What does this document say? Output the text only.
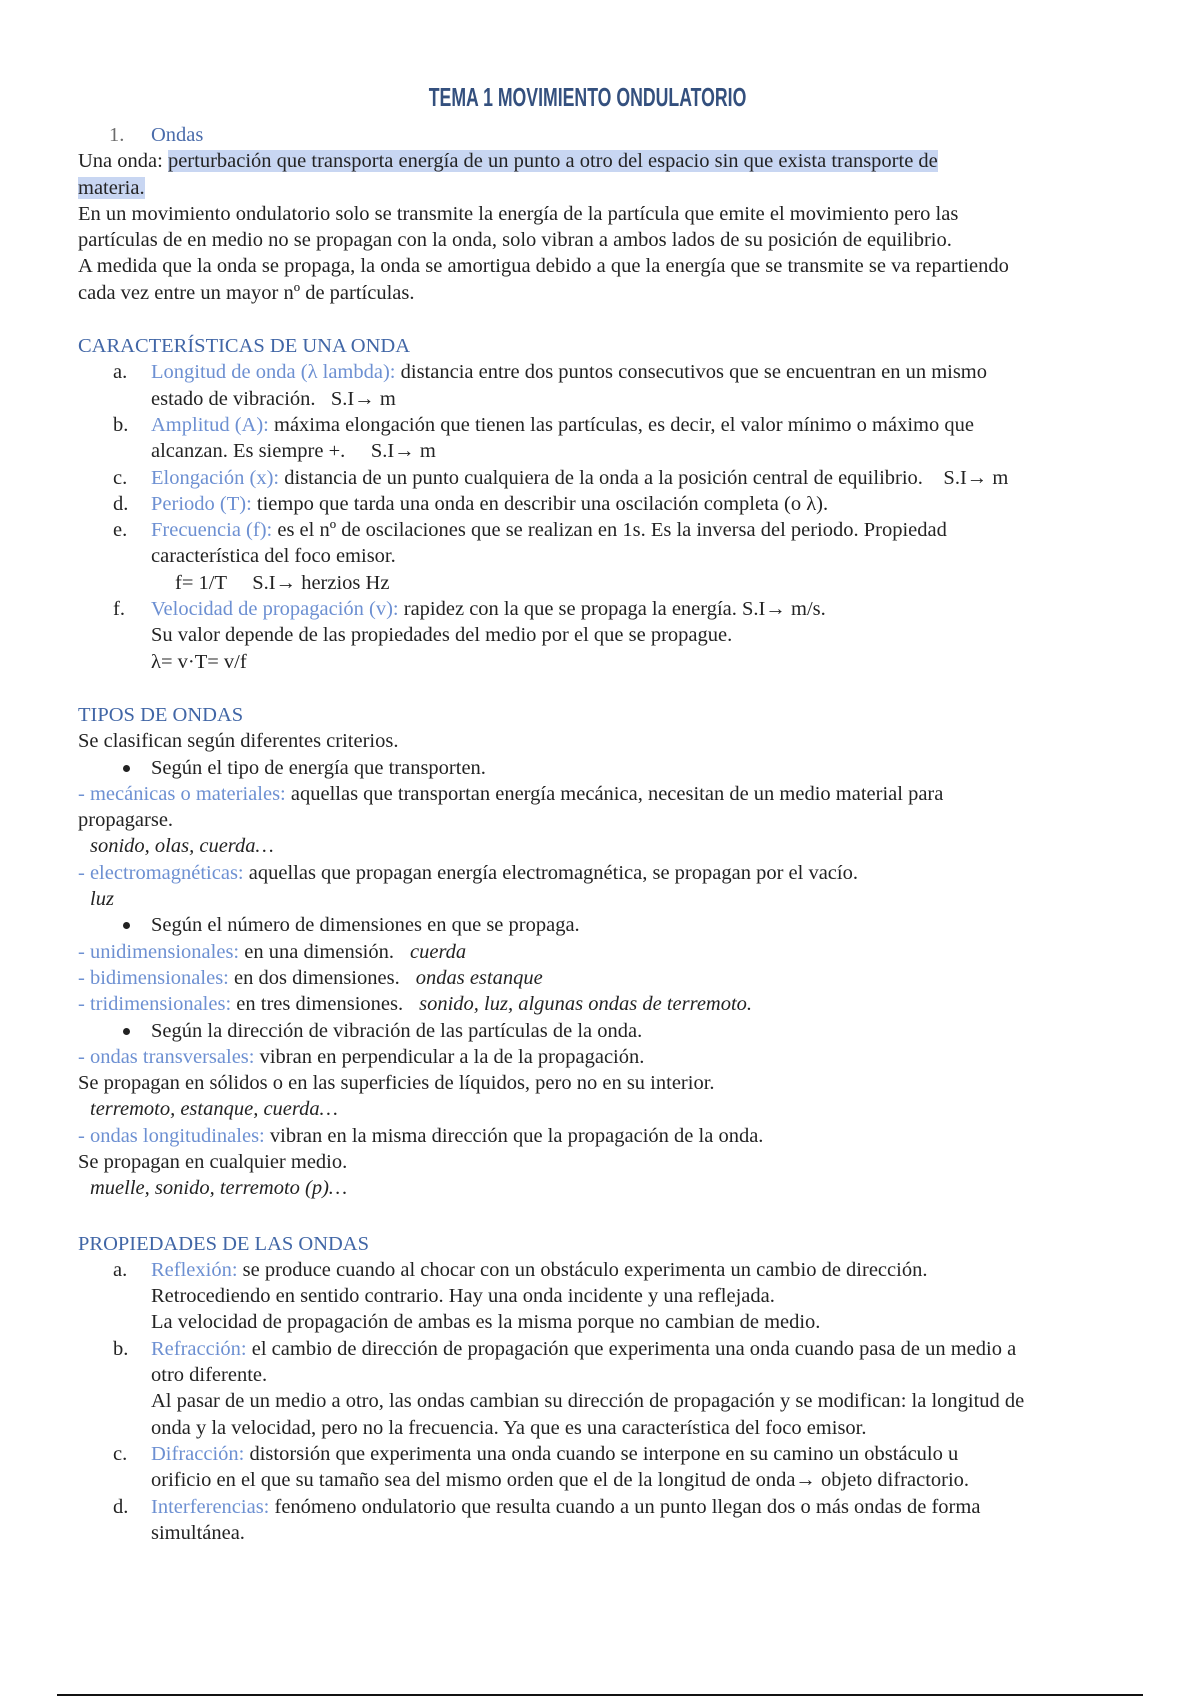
TEMA 1 MOVIMIENTO ONDULATORIO
1. Ondas
Una onda: perturbación que transporta energía de un punto a otro del espacio sin que exista transporte de
materia.
En un movimiento ondulatorio solo se transmite la energía de la partícula que emite el movimiento pero las
partículas de en medio no se propagan con la onda, solo vibran a ambos lados de su posición de equilibrio.
A medida que la onda se propaga, la onda se amortigua debido a que la energía que se transmite se va repartiendo
cada vez entre un mayor nº de partículas.
CARACTERÍSTICAS DE UNA ONDA
a. Longitud de onda (λ lambda): distancia entre dos puntos consecutivos que se encuentran en un mismo
estado de vibración.   S.I→ m
b. Amplitud (A): máxima elongación que tienen las partículas, es decir, el valor mínimo o máximo que
alcanzan. Es siempre +.     S.I→ m
c. Elongación (x): distancia de un punto cualquiera de la onda a la posición central de equilibrio.    S.I→ m
d. Periodo (T): tiempo que tarda una onda en describir una oscilación completa (o λ).
e. Frecuencia (f): es el nº de oscilaciones que se realizan en 1s. Es la inversa del periodo. Propiedad
característica del foco emisor.
f= 1/T     S.I→ herzios Hz
f. Velocidad de propagación (v): rapidez con la que se propaga la energía. S.I→ m/s.
Su valor depende de las propiedades del medio por el que se propague.
λ= v·T= v/f
TIPOS DE ONDAS
Se clasifican según diferentes criterios.
Según el tipo de energía que transporten.
- mecánicas o materiales: aquellas que transportan energía mecánica, necesitan de un medio material para
propagarse.
sonido, olas, cuerda…
- electromagnéticas: aquellas que propagan energía electromagnética, se propagan por el vacío.
luz
Según el número de dimensiones en que se propaga.
- unidimensionales: en una dimensión. cuerda
- bidimensionales: en dos dimensiones. ondas estanque
- tridimensionales: en tres dimensiones. sonido, luz, algunas ondas de terremoto.
Según la dirección de vibración de las partículas de la onda.
- ondas transversales: vibran en perpendicular a la de la propagación.
Se propagan en sólidos o en las superficies de líquidos, pero no en su interior.
terremoto, estanque, cuerda…
- ondas longitudinales: vibran en la misma dirección que la propagación de la onda.
Se propagan en cualquier medio.
muelle, sonido, terremoto (p)…
PROPIEDADES DE LAS ONDAS
a. Reflexión: se produce cuando al chocar con un obstáculo experimenta un cambio de dirección.
Retrocediendo en sentido contrario. Hay una onda incidente y una reflejada.
La velocidad de propagación de ambas es la misma porque no cambian de medio.
b. Refracción: el cambio de dirección de propagación que experimenta una onda cuando pasa de un medio a
otro diferente.
Al pasar de un medio a otro, las ondas cambian su dirección de propagación y se modifican: la longitud de
onda y la velocidad, pero no la frecuencia. Ya que es una característica del foco emisor.
c. Difracción: distorsión que experimenta una onda cuando se interpone en su camino un obstáculo u
orificio en el que su tamaño sea del mismo orden que el de la longitud de onda→ objeto difractorio.
d. Interferencias: fenómeno ondulatorio que resulta cuando a un punto llegan dos o más ondas de forma
simultánea.
